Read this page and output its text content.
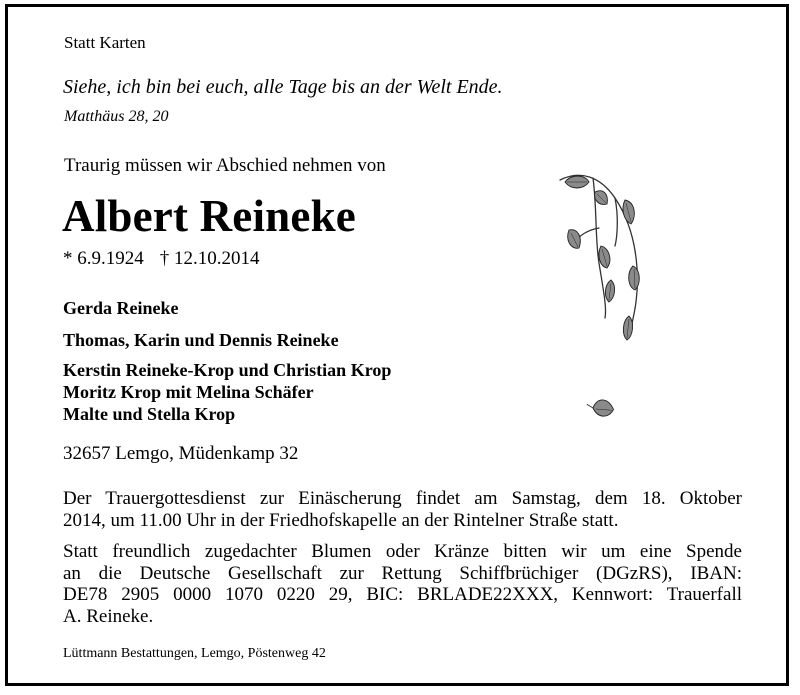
Statt Karten
Siehe, ich bin bei euch, alle Tage bis an der Welt Ende.
Matthäus 28, 20
Traurig müssen wir Abschied nehmen von
Albert Reineke
* 6.9.1924 † 12.10.2014
Gerda Reineke
Thomas, Karin und Dennis Reineke
Kerstin Reineke-Krop und Christian Krop
Moritz Krop mit Melina Schäfer
Malte und Stella Krop
32657 Lemgo, Müdenkamp 32
Der Trauergottesdienst zur Einäscherung findet am Samstag, dem 18. Oktober
2014, um 11.00 Uhr in der Friedhofskapelle an der Rintelner Straße statt.
Statt freundlich zugedachter Blumen oder Kränze bitten wir um eine Spende
an die Deutsche Gesellschaft zur Rettung Schiffbrüchiger (DGzRS), IBAN:
DE78 2905 0000 1070 0220 29, BIC: BRLADE22XXX, Kennwort: Trauerfall
A. Reineke.
Lüttmann Bestattungen, Lemgo, Pöstenweg 42
